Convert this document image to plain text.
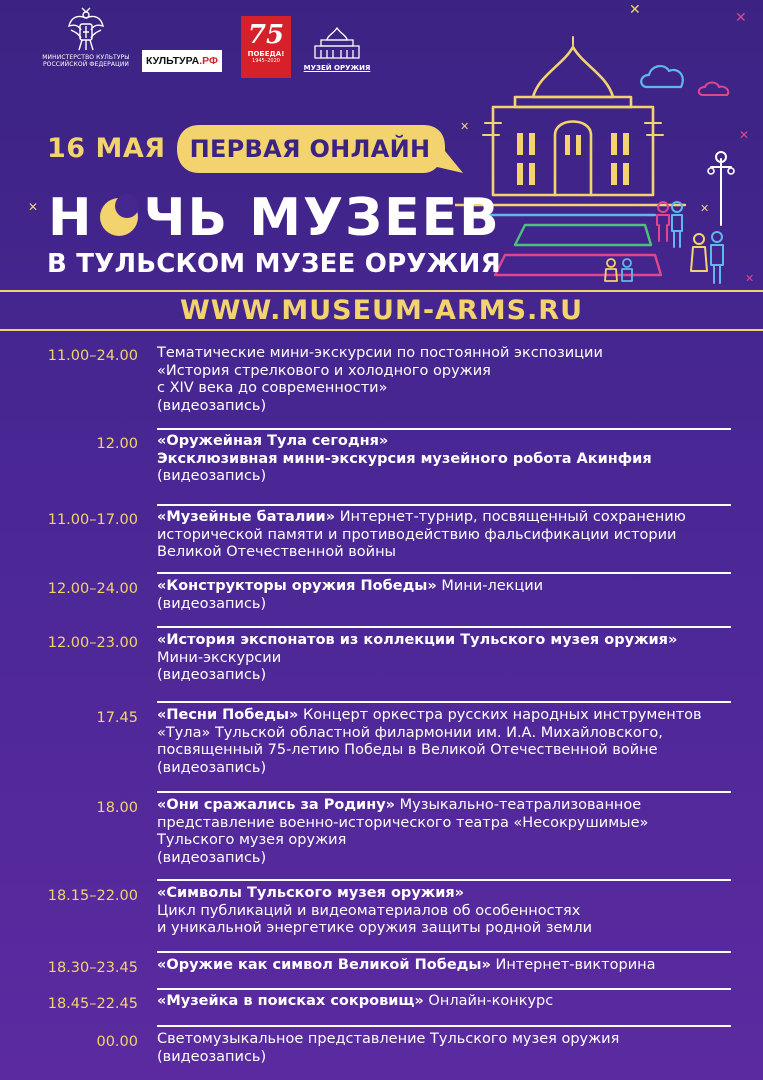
✕	✕
✕
✕
✕
✕
✕
МИНИСТЕРСТВО КУЛЬТУРЫ РОССИЙСКОЙ ФЕДЕРАЦИИ	КУЛЬТУРА.РФ
75
ПОБЕДА!
1945–2020
МУЗЕЙ ОРУЖИЯ
16 МАЯ	ПЕРВАЯ ОНЛАЙН
Н ЧЬ МУЗЕЕВ
В ТУЛЬСКОМ МУЗЕЕ ОРУЖИЯ
WWW.MUSEUM-ARMS.RU
11.00–24.00 Тематические мини-экскурсии по постоянной экспозиции
«История стрелкового и холодного оружия
с XIV века до современности»
(видеозапись)
12.00 «Оружейная Тула сегодня»
Эксклюзивная мини-экскурсия музейного робота Акинфия
(видеозапись)
11.00–17.00 «Музейные баталии» Интернет-турнир, посвященный сохранению
исторической памяти и противодействию фальсификации истории
Великой Отечественной войны
12.00–24.00 «Конструкторы оружия Победы» Мини-лекции
(видеозапись)
12.00–23.00 «История экспонатов из коллекции Тульского музея оружия»
Мини-экскурсии
(видеозапись)
17.45 «Песни Победы» Концерт оркестра русских народных инструментов
«Тула» Тульской областной филармонии им. И.А. Михайловского,
посвященный 75-летию Победы в Великой Отечественной войне
(видеозапись)
18.00 «Они сражались за Родину» Музыкально-театрализованное
представление военно-исторического театра «Несокрушимые»
Тульского музея оружия
(видеозапись)
18.15–22.00 «Символы Тульского музея оружия»
Цикл публикаций и видеоматериалов об особенностях
и уникальной энергетике оружия защиты родной земли
18.30–23.45 «Оружие как символ Великой Победы» Интернет-викторина
18.45–22.45 «Музейка в поисках сокровищ» Онлайн-конкурс
00.00 Светомузыкальное представление Тульского музея оружия
(видеозапись)
